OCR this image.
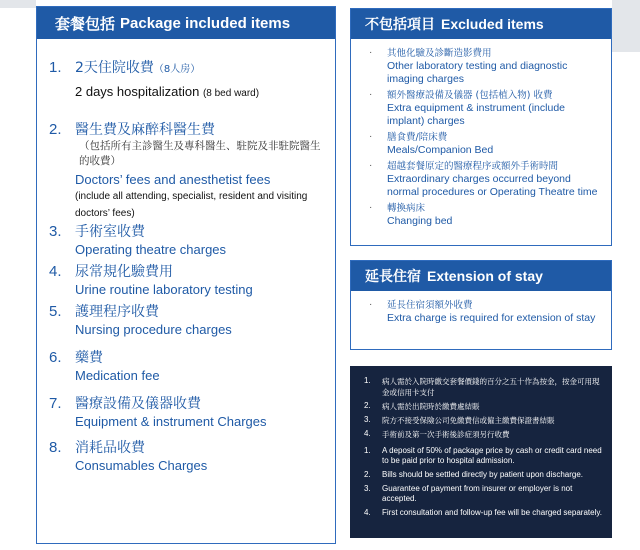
套餐包括 Package included items
1. 2天住院收費（8人房）
2 days hospitalization (8 bed ward)
2. 醫生費及麻醉科醫生費
（包括所有主診醫生及專科醫生、駐院及非駐院醫生的收費）
Doctors’ fees and anesthetist fees
(include all attending, specialist, resident and visiting doctors’ fees)
3. 手術室收費
Operating theatre charges
4. 尿常規化驗費用
Urine routine laboratory testing
5. 護理程序收費
Nursing procedure charges
6. 藥費
Medication fee
7. 醫療設備及儀器收費
Equipment & instrument Charges
8. 消耗品收費
Consumables Charges
不包括項目 Excluded items
· 其他化驗及診斷造影費用
Other laboratory testing and diagnostic imaging charges
· 額外醫療設備及儀器 (包括植入物) 收費
Extra equipment & instrument (include implant) charges
· 膳食費/陪床費
Meals/Companion Bed
· 超越套餐原定的醫療程序或額外手術時間
Extraordinary charges occurred beyond normal procedures or Operating Theatre time
· 轉換病床
Changing bed
延長住宿 Extension of stay
· 延長住宿須額外收費
Extra charge is required for extension of stay
1. 病人需於入院時繳交套餐價錢的百分之五十作為按金，按金可用現金或信用卡支付
2. 病人需於出院時於繳費處結賬
3. 院方不接受保險公司免繳費信或僱主繳費保證書結賬
4. 手術前及第一次手術後診症須另行收費
1. A deposit of 50% of package price by cash or credit card need to be paid prior to hospital admission.
2. Bills should be settled directly by patient upon discharge.
3. Guarantee of payment from insurer or employer is not accepted.
4. First consultation and follow-up fee will be charged separately.
